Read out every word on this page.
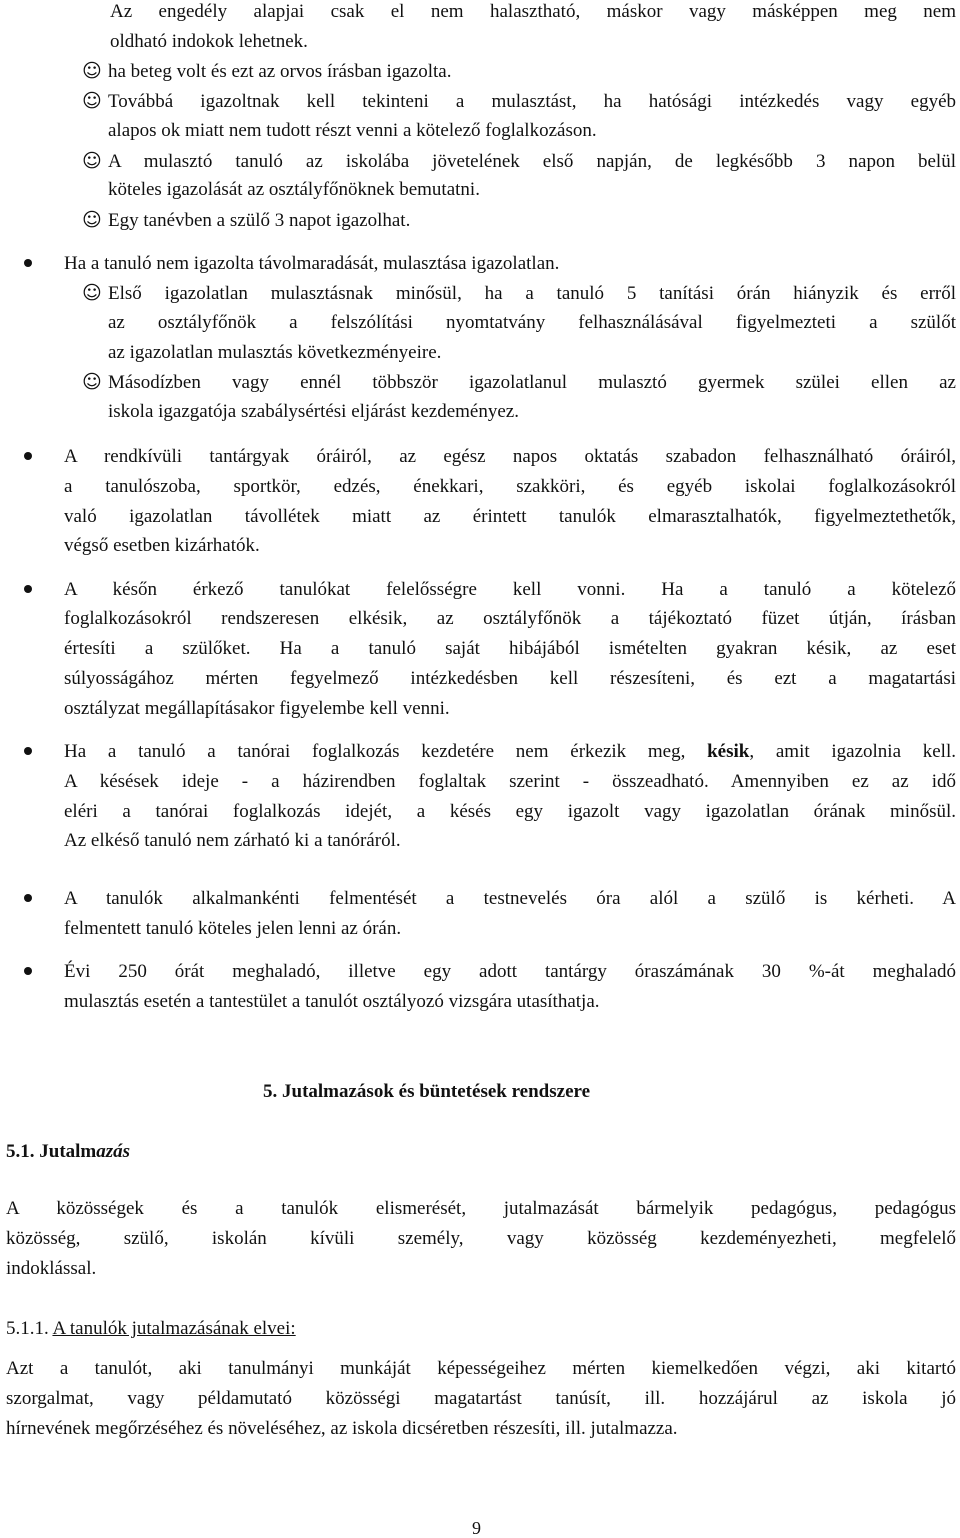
Az engedély alapjai csak el nem halasztható, máskor vagy másképpen meg nem
oldható indokok lehetnek.
☺ ha beteg volt és ezt az orvos írásban igazolta.
☺ Továbbá igazoltnak kell tekinteni a mulasztást, ha hatósági intézkedés vagy egyéb
alapos ok miatt nem tudott részt venni a kötelező foglalkozáson.
☺ A mulasztó tanuló az iskolába jövetelének első napján, de legkésőbb 3 napon belül
köteles igazolását az osztályfőnöknek bemutatni.
☺ Egy tanévben a szülő 3 napot igazolhat.
Ha a tanuló nem igazolta távolmaradását, mulasztása igazolatlan.
☺ Első igazolatlan mulasztásnak minősül, ha a tanuló 5 tanítási órán hiányzik és erről
az osztályfőnök a felszólítási nyomtatvány felhasználásával figyelmezteti a szülőt
az igazolatlan mulasztás következményeire.
☺ Másodízben vagy ennél többször igazolatlanul mulasztó gyermek szülei ellen az
iskola igazgatója szabálysértési eljárást kezdeményez.
A rendkívüli tantárgyak óráiról, az egész napos oktatás szabadon felhasználható óráiról,
a tanulószoba, sportkör, edzés, énekkari, szakköri, és egyéb iskolai foglalkozásokról
való igazolatlan távollétek miatt az érintett tanulók elmarasztalhatók, figyelmeztethetők,
végső esetben kizárhatók.
A későn érkező tanulókat felelősségre kell vonni. Ha a tanuló a kötelező
foglalkozásokról rendszeresen elkésik, az osztályfőnök a tájékoztató füzet útján, írásban
értesíti a szülőket. Ha a tanuló saját hibájából ismételten gyakran késik, az eset
súlyosságához mérten fegyelmező intézkedésben kell részesíteni, és ezt a magatartási
osztályzat megállapításakor figyelembe kell venni.
Ha a tanuló a tanórai foglalkozás kezdetére nem érkezik meg, késik, amit igazolnia kell.
A késések ideje - a házirendben foglaltak szerint - összeadható. Amennyiben ez az idő
eléri a tanórai foglalkozás idejét, a késés egy igazolt vagy igazolatlan órának minősül.
Az elkéső tanuló nem zárható ki a tanóráról.
A tanulók alkalmankénti felmentését a testnevelés óra alól a szülő is kérheti. A
felmentett tanuló köteles jelen lenni az órán.
Évi 250 órát meghaladó, illetve egy adott tantárgy óraszámának 30 %-át meghaladó
mulasztás esetén a tantestület a tanulót osztályozó vizsgára utasíthatja.
5. Jutalmazások és büntetések rendszere
5.1. Jutalmazás
A közösségek és a tanulók elismerését, jutalmazását bármelyik pedagógus, pedagógus
közösség, szülő, iskolán kívüli személy, vagy közösség kezdeményezheti, megfelelő
indoklással.
5.1.1. A tanulók jutalmazásának elvei:
Azt a tanulót, aki tanulmányi munkáját képességeihez mérten kiemelkedően végzi, aki kitartó
szorgalmat, vagy példamutató közösségi magatartást tanúsít, ill. hozzájárul az iskola jó
hírnevének megőrzéséhez és növeléséhez, az iskola dicséretben részesíti, ill. jutalmazza.
9
